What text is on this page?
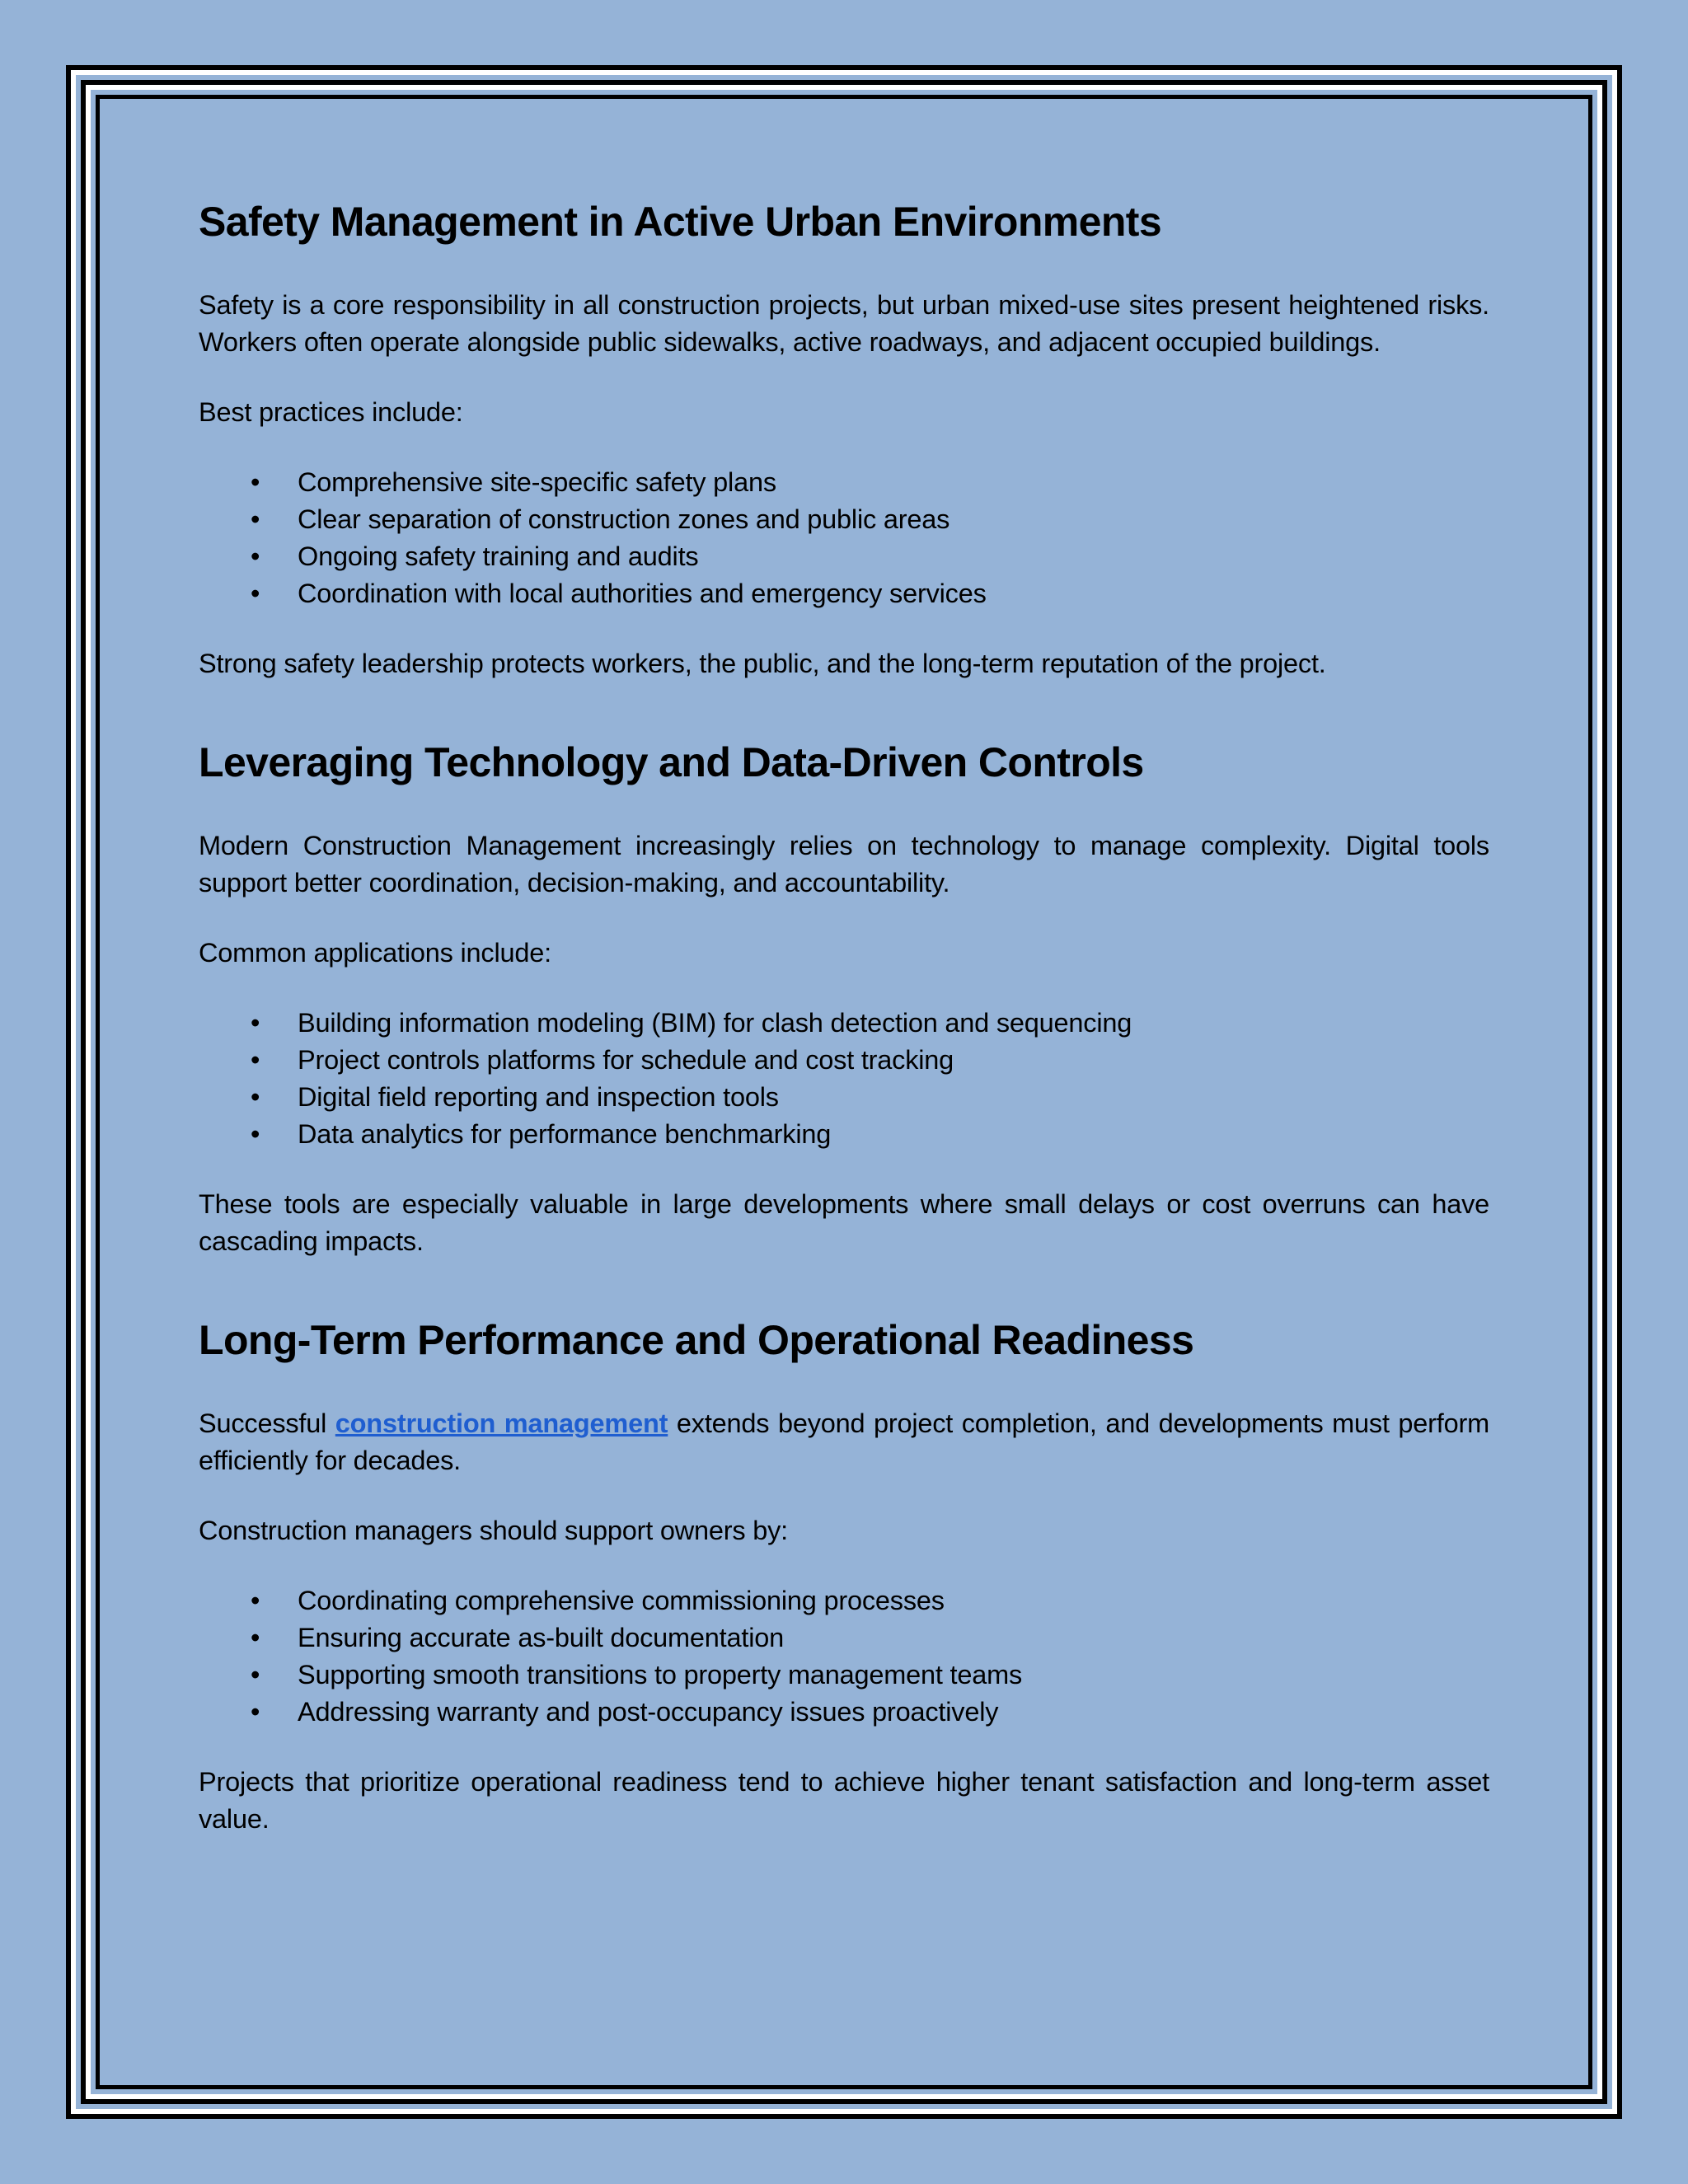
Safety Management in Active Urban Environments

Safety is a core responsibility in all construction projects, but urban mixed-use sites present heightened risks. Workers often operate alongside public sidewalks, active roadways, and adjacent occupied buildings.

Best practices include:

• Comprehensive site-specific safety plans
• Clear separation of construction zones and public areas
• Ongoing safety training and audits
• Coordination with local authorities and emergency services

Strong safety leadership protects workers, the public, and the long-term reputation of the project.

Leveraging Technology and Data-Driven Controls

Modern Construction Management increasingly relies on technology to manage complexity. Digital tools support better coordination, decision-making, and accountability.

Common applications include:

• Building information modeling (BIM) for clash detection and sequencing
• Project controls platforms for schedule and cost tracking
• Digital field reporting and inspection tools
• Data analytics for performance benchmarking

These tools are especially valuable in large developments where small delays or cost overruns can have cascading impacts.

Long-Term Performance and Operational Readiness

Successful construction management extends beyond project completion, and developments must perform efficiently for decades.

Construction managers should support owners by:

• Coordinating comprehensive commissioning processes
• Ensuring accurate as-built documentation
• Supporting smooth transitions to property management teams
• Addressing warranty and post-occupancy issues proactively

Projects that prioritize operational readiness tend to achieve higher tenant satisfaction and long-term asset value.
